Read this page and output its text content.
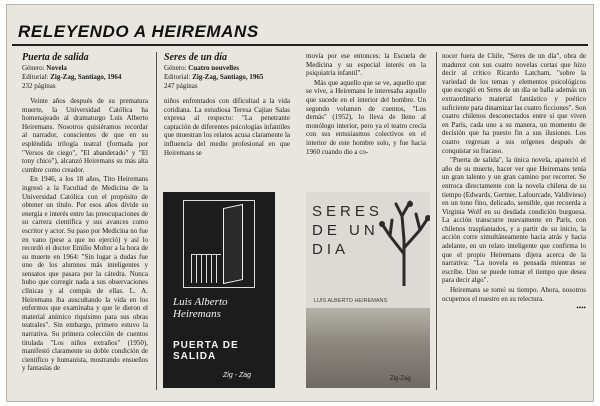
RELEYENDO A HEIREMANS

Puerta de salida

Género: Novela

Editorial: Zig-Zag, Santiago, 1964

232 páginas

Veinte años después de su prematura muerte, la Universidad Católica ha homenajeado al dramaturgo Luis Alberto Heiremans. Nosotros quisiéramos recordar al narrador, conscientes de que en su espléndida trilogía teatral (formada por "Versos de ciego", "El abanderado" y "El tony chico"), alcanzó Heiremans su más alta cumbre como creador.

En 1946, a los 18 años, Tito Heiremans ingresó a la Facultad de Medicina de la Universidad Católica con el propósito de obtener un título. Por esos años divide su energía e interés entre las preocupaciones de su carrera científica y sus avances como escritor y actor. Su paso por Medicina no fue en vano (pese a que no ejerció) y así lo recordó el doctor Emilio Mohor a la hora de su muerte en 1964: "Sin lugar a dudas fue uno de los alumnos más inteligentes y sensatos que pasara por la cátedra. Nunca hubo que corregir nada a sus observaciones clínicas y al compás de ellas. L. A. Heiremans iba auscultando la vida en los enfermos que examinaba y que le dieron el material anímico riquísimo para sus obras teatrales". Sin embargo, primero estuvo la narrativa. Su primera colección de cuentos titulada "Los niños extraños" (1950), manifestó claramente su doble condición de científico y humanista, mostrando ensueños y fantasías de

Seres de un día

Género: Cuatro nouvelles

Editorial: Zig-Zag, Santiago, 1965

247 páginas

niños enfrentados con dificultad a la vida cotidiana. La estudiosa Teresa Cajiao Salas expresa al respecto: "La penetrante captación de diferentes psicologías infantiles que muestran los relatos acusa claramente la influencia del medio profesional en que Heiremans se

movía por ese entonces: la Escuela de Medicina y su especial interés en la psiquiatría infantil".

Más que aquello que se ve, aquello que se vive, a Heiremans le interesaba aquello que sucede en el interior del hombre. Un segundo volumen de cuentos, "Los demás" (1952), lo lleva de lleno al monólogo interior, pero ya el teatro crecía con sus entusiasmos colectivos en el interior de este hombre solo, y fue hacia 1960 cuando dio a co-

nocer fuera de Chile, "Seres de un día", obra de madurez con sus cuatro novelas cortas que hizo decir al crítico Ricardo Latcham, "sobre la variedad de los temas y elementos psicológicos que escogió en Seres de un día se halla además un extraordinario material fantástico y poético suficiente para dinamizar las cuatro ficciones". Son cuatro chilenos desconectados entre sí que viven en París, cada uno a su manera, un momento de decisión que ha puesto fin a sus ilusiones. Los cuatro regresan a sus orígenes después de conquistar su fracaso.

"Puerta de salida", la única novela, apareció el año de su muerte, hacer ver que Heiremans tenía un gran talento y un gran camino por recorrer. Se entroca directamente con la novela chilena de su tiempo (Edwards, Gertner, Lafourcade, Valdivieso) en un tono fino, delicado, sensible, que recuerda a Virginia Wolf en su desdada condición burguesa. La acción transcurre nuevamente en París, con chilenos trasplantados, y a partir de su inicio, la acción corre simultáneamente hacia atrás y hacia adelante, en un relato inteligente que confirma lo que el propio Heiremans dijera acerca de la narrativa: "La novela es pensada mientras se escribe. Uno se puede tomar el tiempo que desea para decir algo".

Heiremans se tomó su tiempo. Ahora, nosotros ocupemos el nuestro en su relectura.

••••

Luis Alberto Heiremans
PUERTA DE SALIDA
Zig - Zag
SERES
DE UN
DIA
LUIS ALBERTO HEIREMANS
Zig-Zag
